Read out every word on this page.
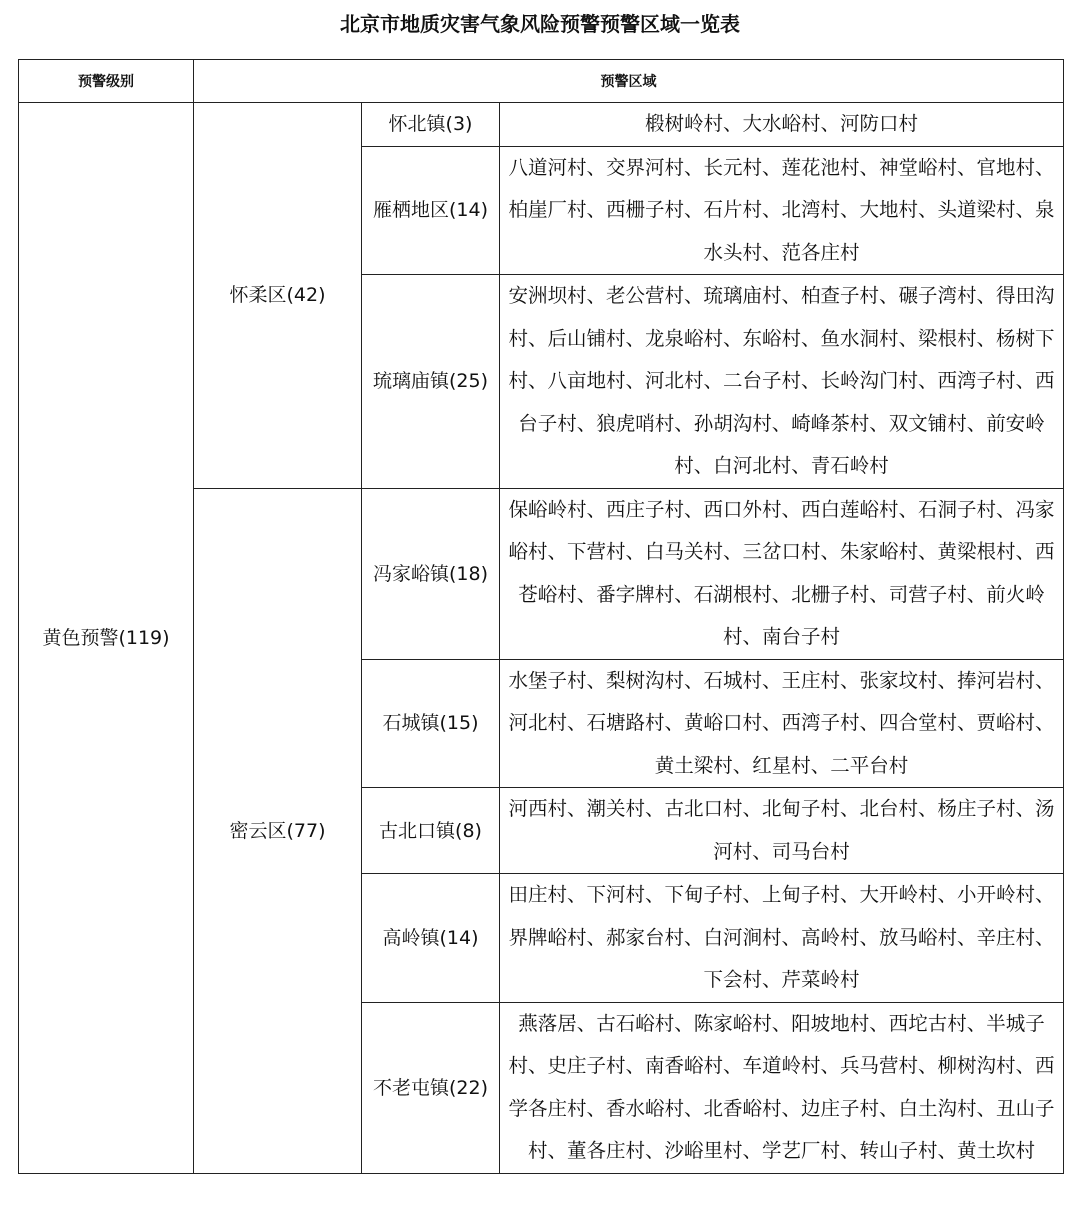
北京市地质灾害气象风险预警预警区域一览表
预警级别	预警区域		
黄色预警(119)	怀柔区(42)	怀北镇(3)	椴树岭村、大水峪村、河防口村
		雁栖地区(14)	八道河村、交界河村、长元村、莲花池村、神堂峪村、官地村、柏崖厂村、西栅子村、石片村、北湾村、大地村、头道梁村、泉水头村、范各庄村
		琉璃庙镇(25)	安洲坝村、老公营村、琉璃庙村、柏查子村、碾子湾村、得田沟村、后山铺村、龙泉峪村、东峪村、鱼水洞村、梁根村、杨树下村、八亩地村、河北村、二台子村、长岭沟门村、西湾子村、西台子村、狼虎哨村、孙胡沟村、崎峰茶村、双文铺村、前安岭村、白河北村、青石岭村
	密云区(77)	冯家峪镇(18)	保峪岭村、西庄子村、西口外村、西白莲峪村、石洞子村、冯家峪村、下营村、白马关村、三岔口村、朱家峪村、黄梁根村、西苍峪村、番字牌村、石湖根村、北栅子村、司营子村、前火岭村、南台子村
		石城镇(15)	水堡子村、梨树沟村、石城村、王庄村、张家坟村、捧河岩村、河北村、石塘路村、黄峪口村、西湾子村、四合堂村、贾峪村、黄土梁村、红星村、二平台村
		古北口镇(8)	河西村、潮关村、古北口村、北甸子村、北台村、杨庄子村、汤河村、司马台村
		高岭镇(14)	田庄村、下河村、下甸子村、上甸子村、大开岭村、小开岭村、界牌峪村、郝家台村、白河涧村、高岭村、放马峪村、辛庄村、下会村、芹菜岭村
		不老屯镇(22)	燕落居、古石峪村、陈家峪村、阳坡地村、西坨古村、半城子村、史庄子村、南香峪村、车道岭村、兵马营村、柳树沟村、西学各庄村、香水峪村、北香峪村、边庄子村、白土沟村、丑山子村、董各庄村、沙峪里村、学艺厂村、转山子村、黄土坎村
